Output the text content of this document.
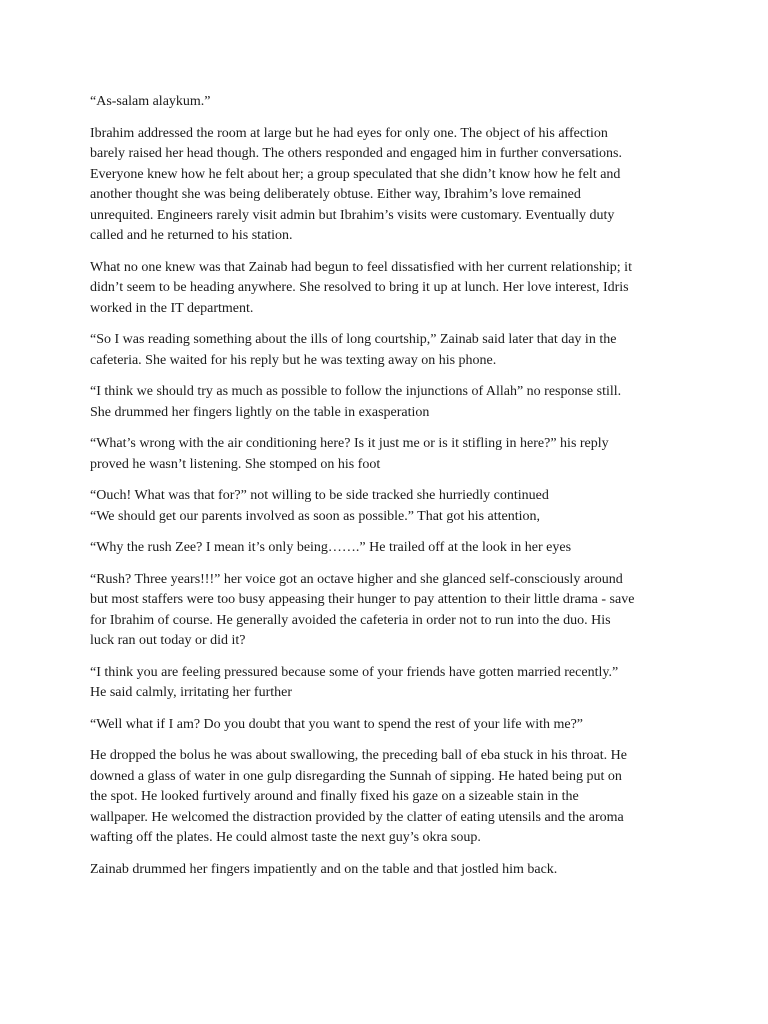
“As-salam alaykum.”

Ibrahim addressed the room at large but he had eyes for only one. The object of his affection
barely raised her head though. The others responded and engaged him in further conversations.
Everyone knew how he felt about her; a group speculated that she didn’t know how he felt and
another thought she was being deliberately obtuse. Either way, Ibrahim’s love remained
unrequited. Engineers rarely visit admin but Ibrahim’s visits were customary. Eventually duty
called and he returned to his station.

What no one knew was that Zainab had begun to feel dissatisfied with her current relationship; it
didn’t seem to be heading anywhere. She resolved to bring it up at lunch. Her love interest, Idris
worked in the IT department.

“So I was reading something about the ills of long courtship,” Zainab said later that day in the
cafeteria. She waited for his reply but he was texting away on his phone.

“I think we should try as much as possible to follow the injunctions of Allah” no response still.
She drummed her fingers lightly on the table in exasperation

“What’s wrong with the air conditioning here? Is it just me or is it stifling in here?” his reply
proved he wasn’t listening. She stomped on his foot

“Ouch! What was that for?” not willing to be side tracked she hurriedly continued

“We should get our parents involved as soon as possible.” That got his attention,

“Why the rush Zee? I mean it’s only being…….” He trailed off at the look in her eyes

“Rush? Three years!!!” her voice got an octave higher and she glanced self-consciously around
but most staffers were too busy appeasing their hunger to pay attention to their little drama - save
for Ibrahim of course. He generally avoided the cafeteria in order not to run into the duo. His
luck ran out today or did it?

“I think you are feeling pressured because some of your friends have gotten married recently.”
He said calmly, irritating her further

“Well what if I am? Do you doubt that you want to spend the rest of your life with me?”

He dropped the bolus he was about swallowing, the preceding ball of eba stuck in his throat. He
downed a glass of water in one gulp disregarding the Sunnah of sipping. He hated being put on
the spot. He looked furtively around and finally fixed his gaze on a sizeable stain in the
wallpaper. He welcomed the distraction provided by the clatter of eating utensils and the aroma
wafting off the plates. He could almost taste the next guy’s okra soup.

Zainab drummed her fingers impatiently and on the table and that jostled him back.
